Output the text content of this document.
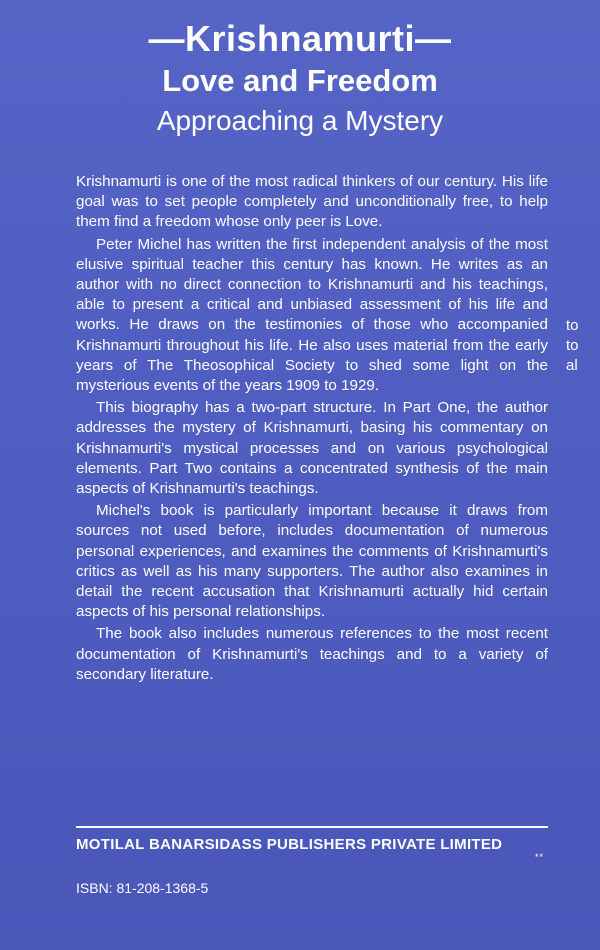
—Krishnamurti—
Love and Freedom
Approaching a Mystery

Krishnamurti is one of the most radical thinkers of our century. His life goal was to set people completely and unconditionally free, to help them find a freedom whose only peer is Love.

Peter Michel has written the first independent analysis of the most elusive spiritual teacher this century has known. He writes as an author with no direct connection to Krishnamurti and his teachings, able to present a critical and unbiased assessment of his life and works. He draws on the testimonies of those who accompanied Krishnamurti throughout his life. He also uses material from the early years of The Theosophical Society to shed some light on the mysterious events of the years 1909 to 1929.

This biography has a two-part structure. In Part One, the author addresses the mystery of Krishnamurti, basing his commentary on Krishnamurti's mystical processes and on various psychological elements. Part Two contains a concentrated synthesis of the main aspects of Krishnamurti's teachings.

Michel's book is particularly important because it draws from sources not used before, includes documentation of numerous personal experiences, and examines the comments of Krishnamurti's critics as well as his many supporters. The author also examines in detail the recent accusation that Krishnamurti actually hid certain aspects of his personal relationships.

The book also includes numerous references to the most recent documentation of Krishnamurti's teachings and to a variety of secondary literature.

to
to
al
MOTILAL BANARSIDASS PUBLISHERS PRIVATE LIMITED
**
ISBN: 81-208-1368-5
